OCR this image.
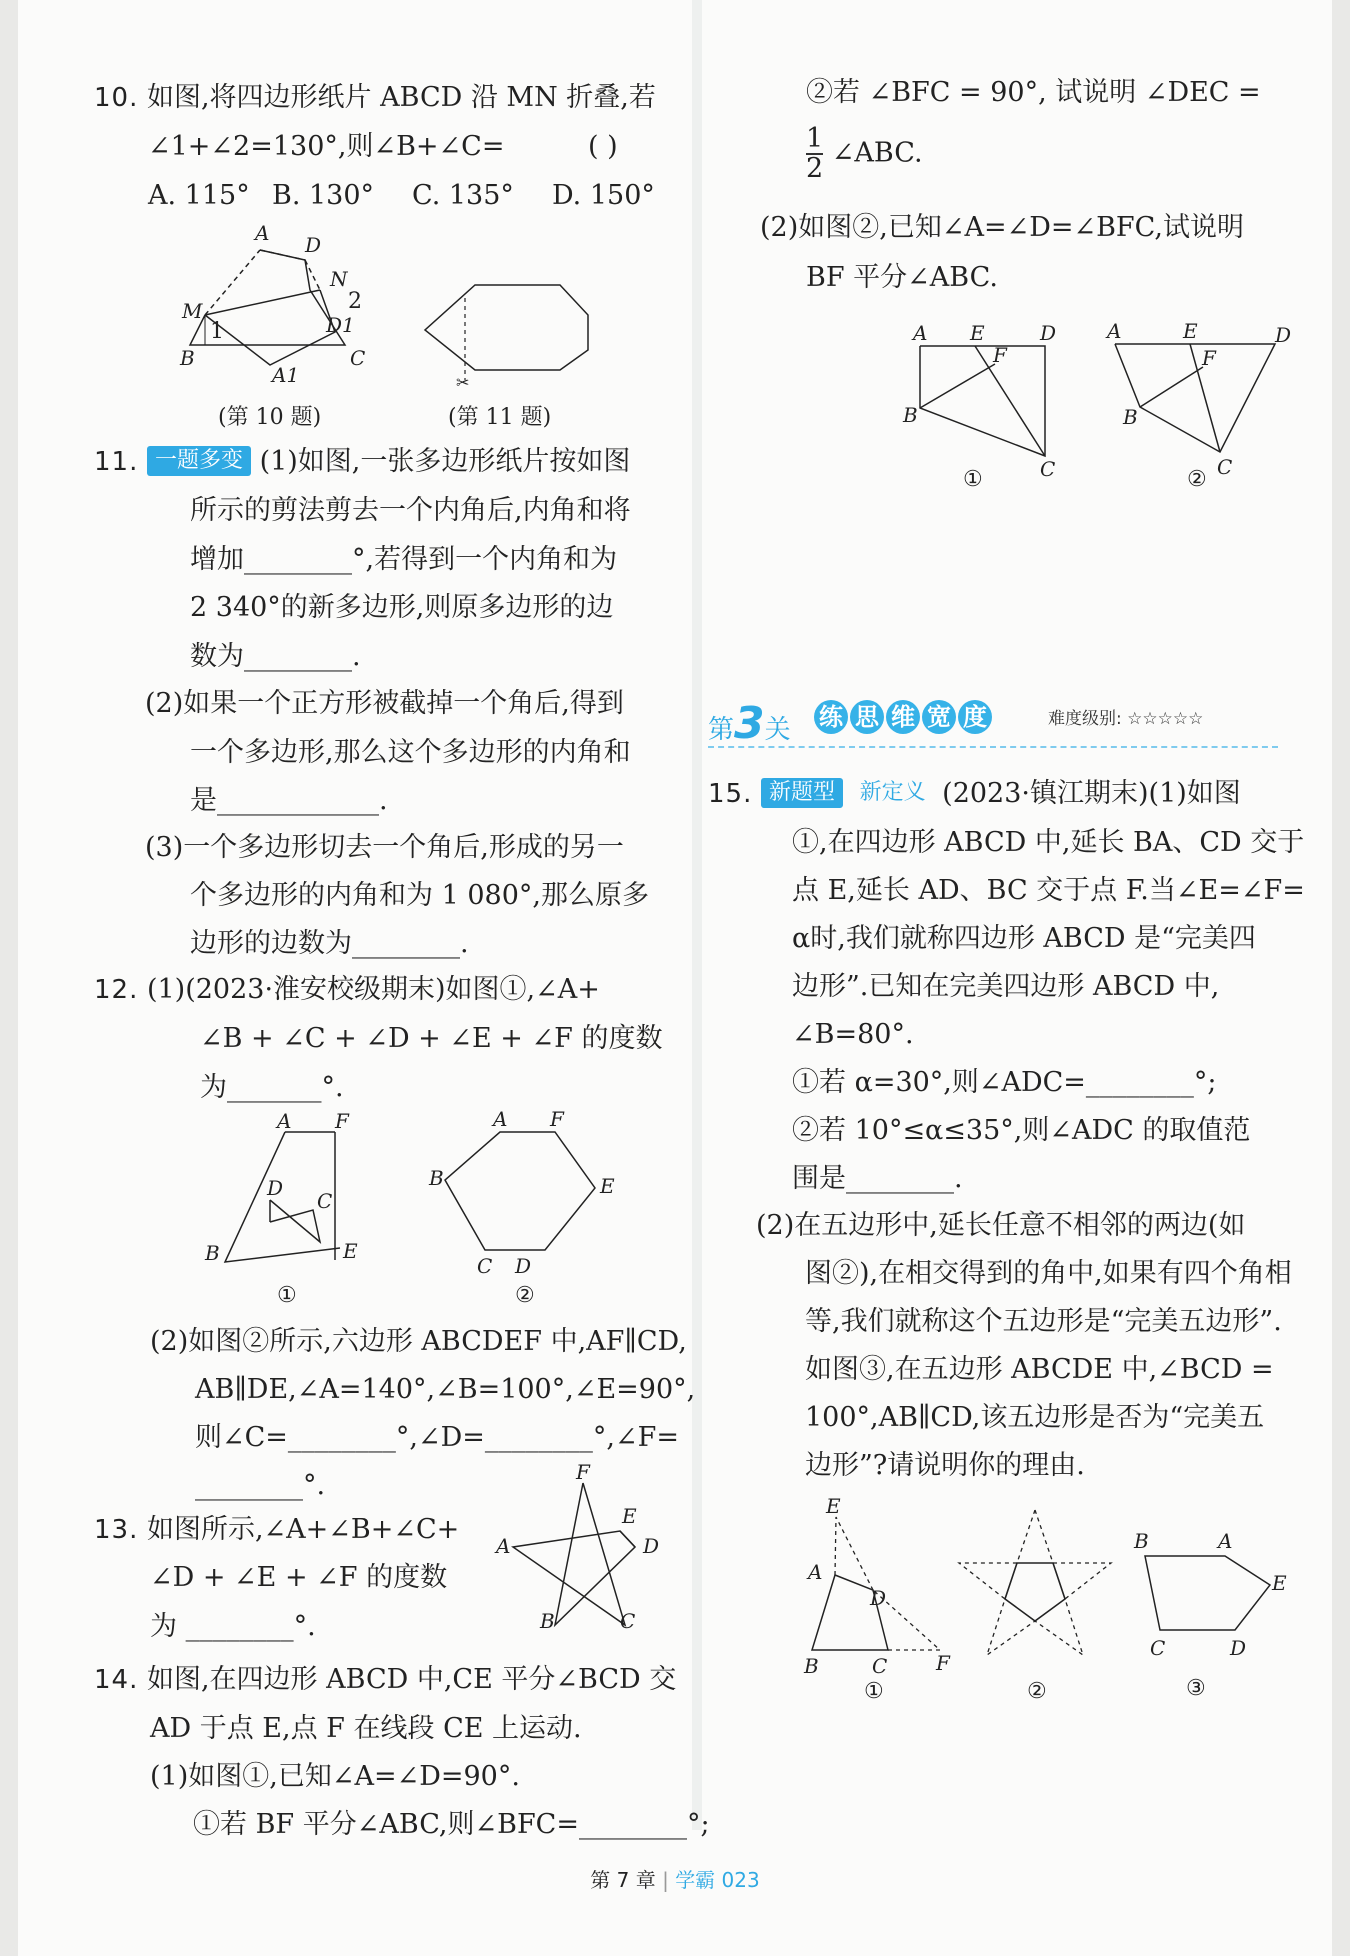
10. 如图,将四边形纸片 ABCD 沿 MN 折叠,若
∠1+∠2=130°,则∠B+∠C=	( )
A. 115° B. 130° C. 135° D. 150°
A D
N
2
M
1	D1
B
A1
C
(第 10 题)
✂
(第 11 题)
11. 一题多变 (1)如图,一张多边形纸片按如图
所示的剪法剪去一个内角后,内角和将
增加________°,若得到一个内角和为
2 340°的新多边形,则原多边形的边
数为________.
(2)如果一个正方形被截掉一个角后,得到
一个多边形,那么这个多边形的内角和
是____________.
(3)一个多边形切去一个角后,形成的另一
个多边形的内角和为 1 080°,那么原多
边形的边数为________.
12. (1)(2023·淮安校级期末)如图①,∠A+
∠B + ∠C + ∠D + ∠E + ∠F 的度数
为_______°.
A F
D
C
B	E
①
A F
B	E
C D
②
(2)如图②所示,六边形 ABCDEF 中,AF∥CD,
AB∥DE,∠A=140°,∠B=100°,∠E=90°,
则∠C=________°,∠D=________°,∠F=
________°.
13. 如图所示,∠A+∠B+∠C+
∠D + ∠E + ∠F 的度数
为 ________°.
F
E
A	D
B	C
14. 如图,在四边形 ABCD 中,CE 平分∠BCD 交
AD 于点 E,点 F 在线段 CE 上运动.
(1)如图①,已知∠A=∠D=90°.
①若 BF 平分∠ABC,则∠BFC=________°;
②若 ∠BFC = 90°, 试说明 ∠DEC =
$\frac{1}{2}$ ∠ABC.
(2)如图②,已知∠A=∠D=∠BFC,试说明
BF 平分∠ABC.
A E	D
F
B
C
①
A	E	D
F
B
C
②
第3关 练 思 维 宽 度	难度级别: ☆☆☆☆☆
15. 新题型 新定义 (2023·镇江期末)(1)如图
①,在四边形 ABCD 中,延长 BA、CD 交于
点 E,延长 AD、BC 交于点 F.当∠E=∠F=
α时,我们就称四边形 ABCD 是“完美四
边形”.已知在完美四边形 ABCD 中,
∠B=80°.
①若 α=30°,则∠ADC=________°;
②若 10°≤α≤35°,则∠ADC 的取值范
围是________.
(2)在五边形中,延长任意不相邻的两边(如
图②),在相交得到的角中,如果有四个角相
等,我们就称这个五边形是“完美五边形”.
如图③,在五边形 ABCDE 中,∠BCD =
100°,AB∥CD,该五边形是否为“完美五
边形”?请说明你的理由.
E
A
D
B	C F
①	②
B	A
E
C	D
③
第 7 章 | 学霸 023
